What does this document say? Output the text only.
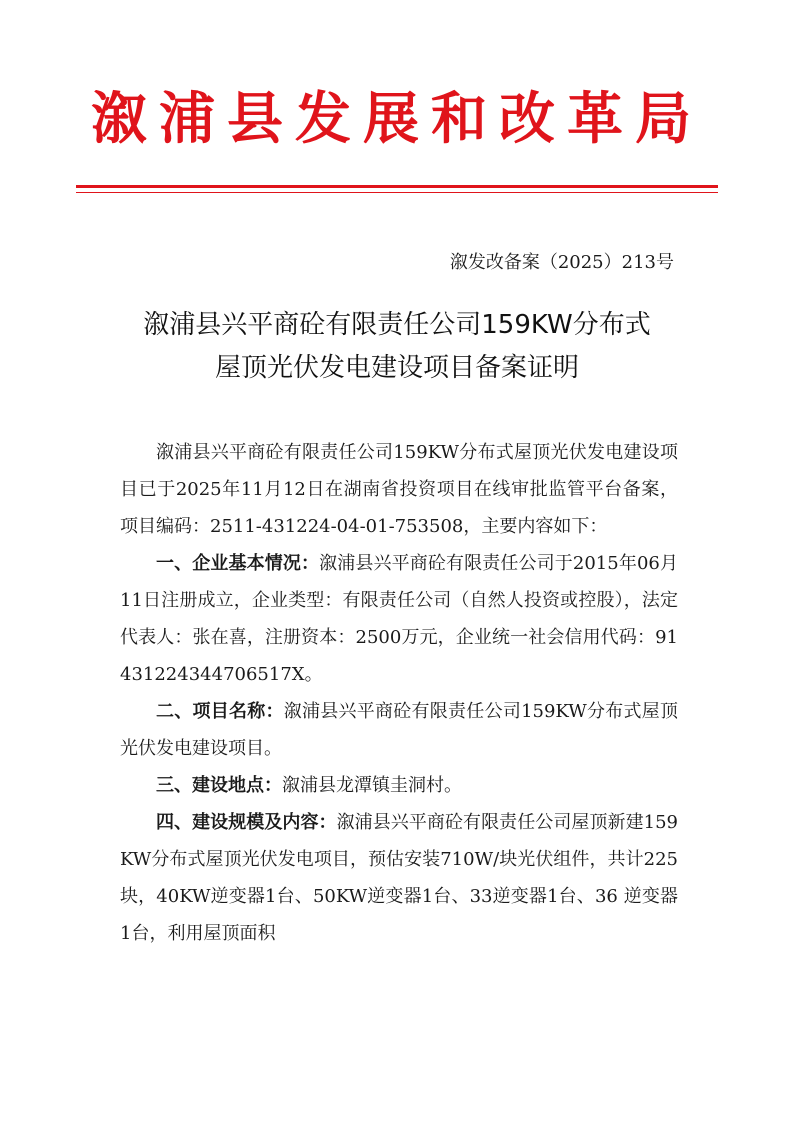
溆浦县发展和改革局
溆发改备案（2025）213号
溆浦县兴平商砼有限责任公司159KW分布式
屋顶光伏发电建设项目备案证明

溆浦县兴平商砼有限责任公司159KW分布式屋顶光伏发电建设项目已于2025年11月12日在湖南省投资项目在线审批监管平台备案，项目编码：2511-431224-04-01-753508，主要内容如下：

一、企业基本情况：溆浦县兴平商砼有限责任公司于2015年06月11日注册成立，企业类型：有限责任公司（自然人投资或控股），法定代表人：张在喜，注册资本：2500万元，企业统一社会信用代码：91431224344706517X。

二、项目名称：溆浦县兴平商砼有限责任公司159KW分布式屋顶光伏发电建设项目。

三、建设地点：溆浦县龙潭镇圭洞村。

四、建设规模及内容：溆浦县兴平商砼有限责任公司屋顶新建159KW分布式屋顶光伏发电项目，预估安装710W/块光伏组件，共计225块，40KW逆变器1台、50KW逆变器1台、33逆变器1台、36 逆变器1台，利用屋顶面积
